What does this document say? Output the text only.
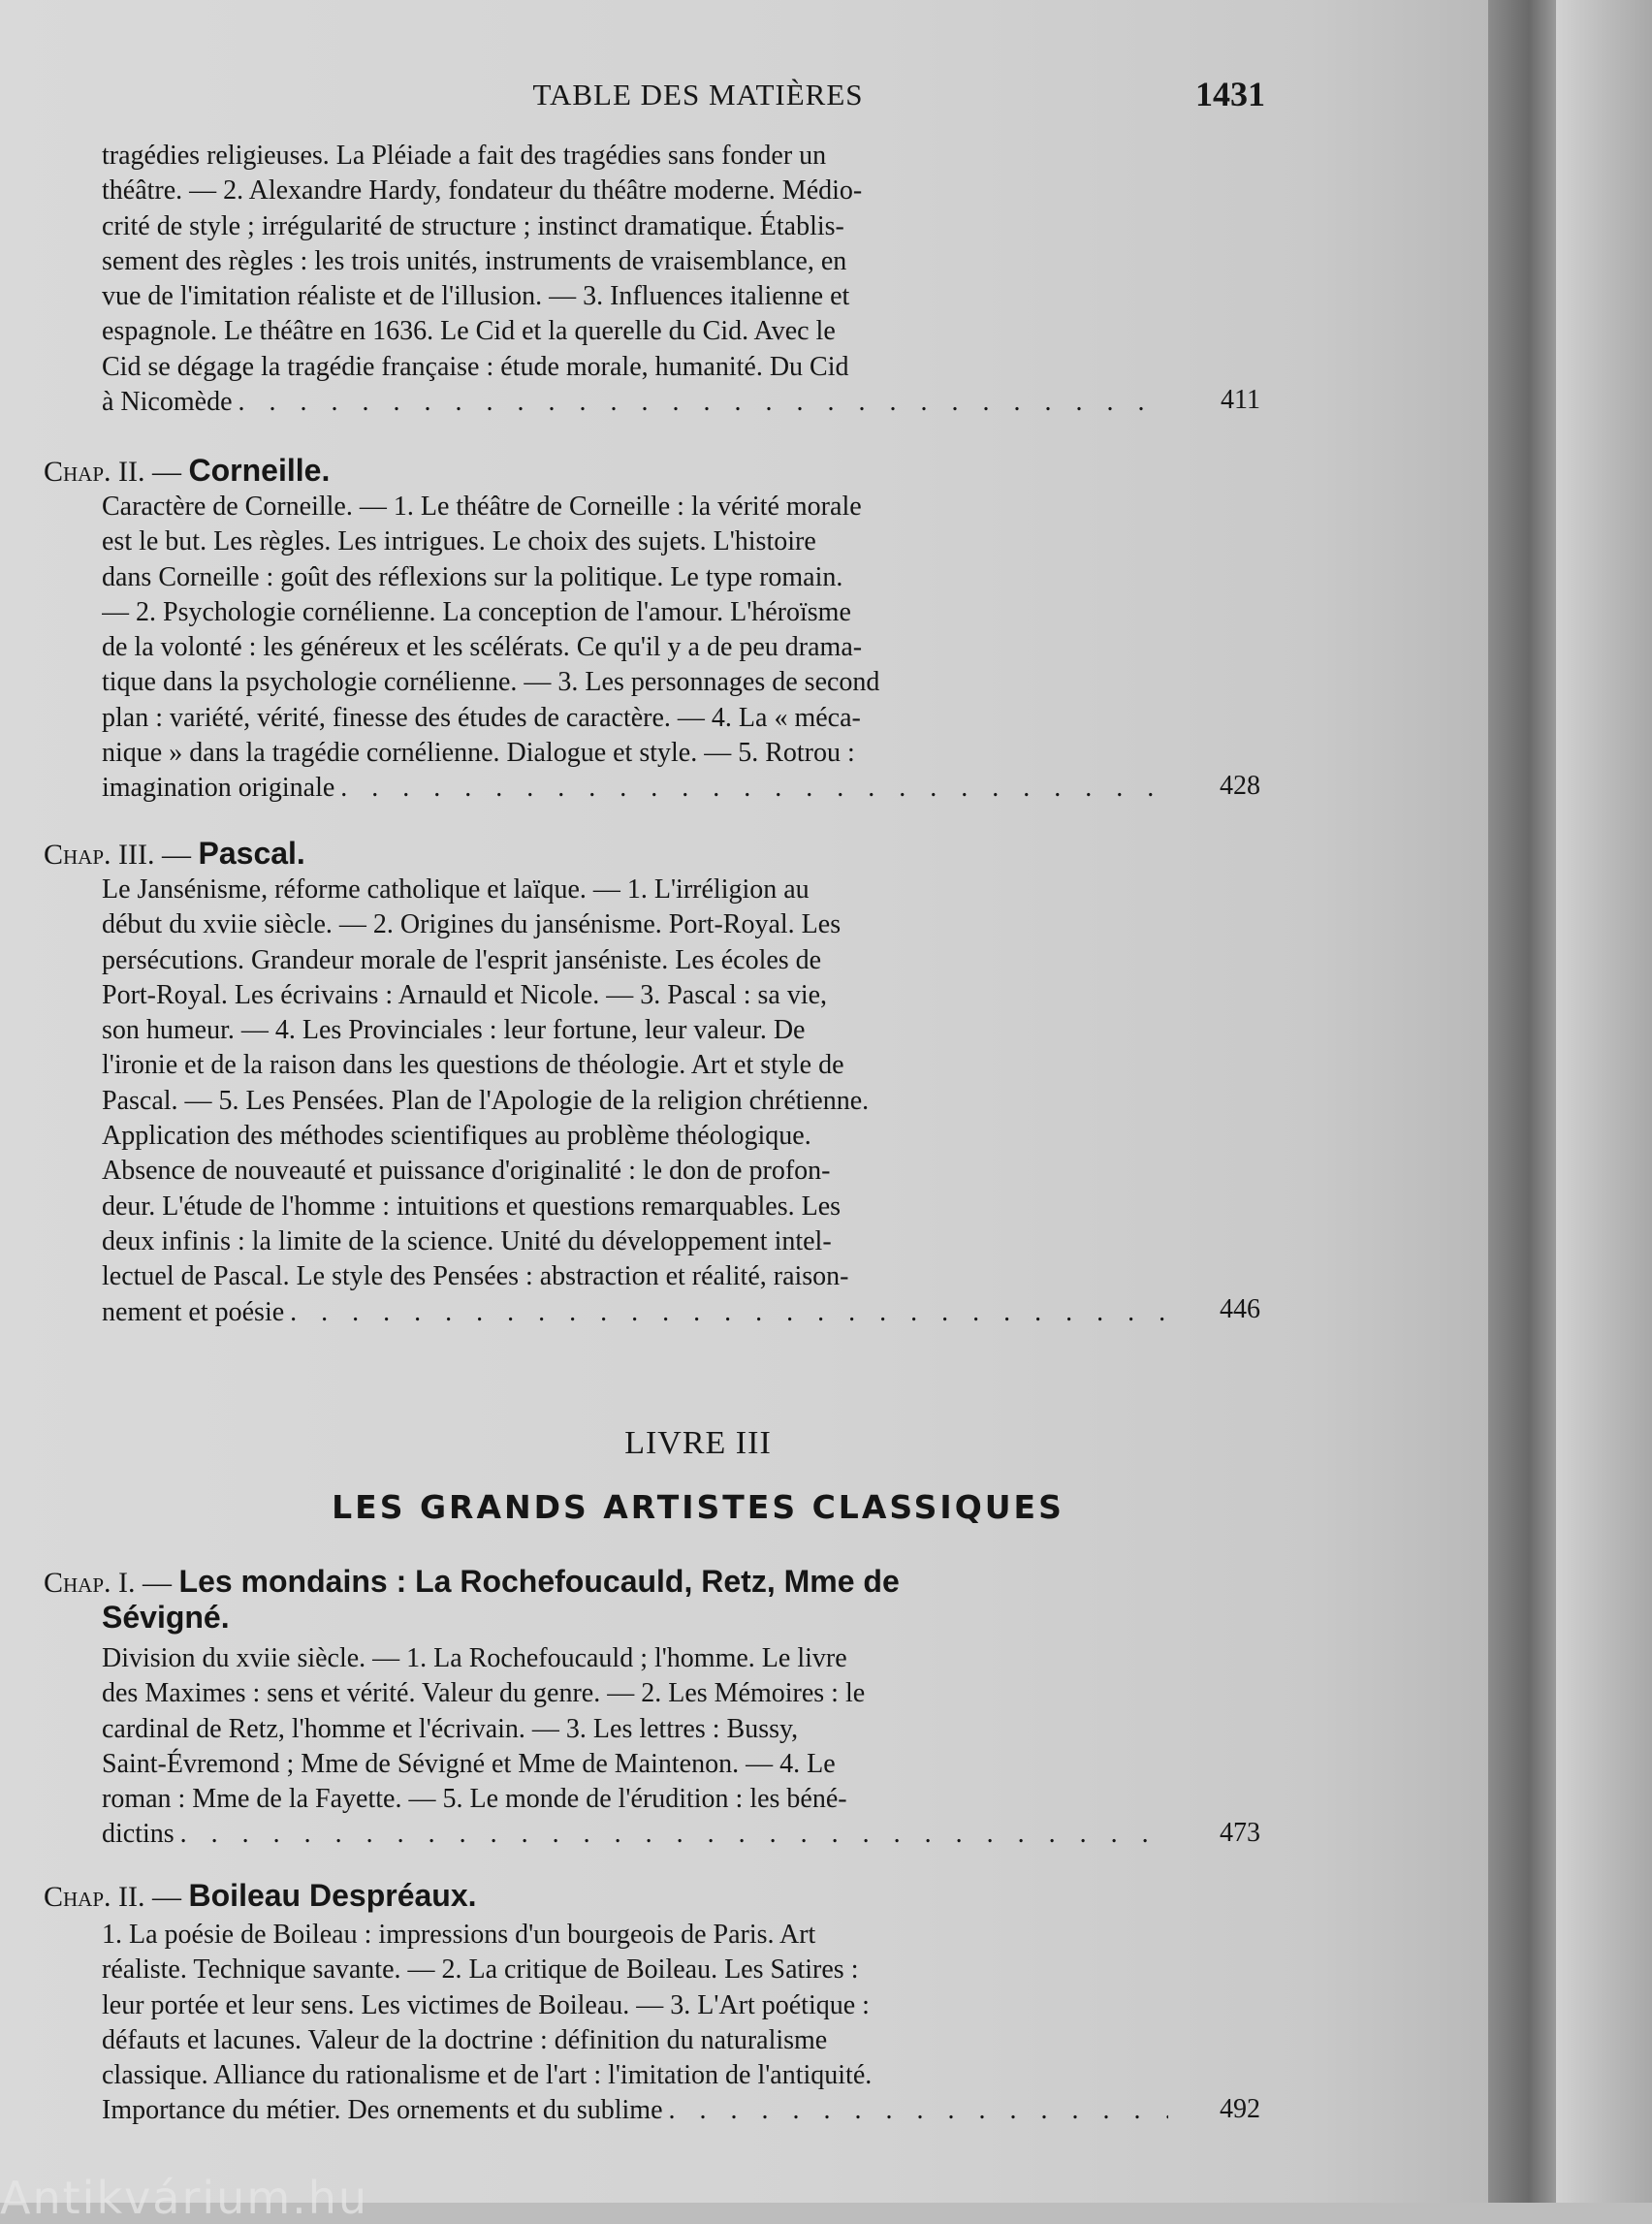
TABLE DES MATIÈRES	1431
tragédies religieuses. La Pléiade a fait des tragédies sans fonder un
théâtre. — 2. Alexandre Hardy, fondateur du théâtre moderne. Médio-
crité de style ; irrégularité de structure ; instinct dramatique. Établis-
sement des règles : les trois unités, instruments de vraisemblance, en
vue de l'imitation réaliste et de l'illusion. — 3. Influences italienne et
espagnole. Le théâtre en 1636. Le Cid et la querelle du Cid. Avec le
Cid se dégage la tragédie française : étude morale, humanité. Du Cid
à Nicomède . . .	411
Chap. II. — Corneille.
Caractère de Corneille. — 1. Le théâtre de Corneille : la vérité morale
est le but. Les règles. Les intrigues. Le choix des sujets. L'histoire
dans Corneille : goût des réflexions sur la politique. Le type romain.
— 2. Psychologie cornélienne. La conception de l'amour. L'héroïsme
de la volonté : les généreux et les scélérats. Ce qu'il y a de peu drama-
tique dans la psychologie cornélienne. — 3. Les personnages de second
plan : variété, vérité, finesse des études de caractère. — 4. La « méca-
nique » dans la tragédie cornélienne. Dialogue et style. — 5. Rotrou :
imagination originale . . .	428
Chap. III. — Pascal.
Le Jansénisme, réforme catholique et laïque. — 1. L'irréligion au
début du xviie siècle. — 2. Origines du jansénisme. Port-Royal. Les
persécutions. Grandeur morale de l'esprit janséniste. Les écoles de
Port-Royal. Les écrivains : Arnauld et Nicole. — 3. Pascal : sa vie,
son humeur. — 4. Les Provinciales : leur fortune, leur valeur. De
l'ironie et de la raison dans les questions de théologie. Art et style de
Pascal. — 5. Les Pensées. Plan de l'Apologie de la religion chrétienne.
Application des méthodes scientifiques au problème théologique.
Absence de nouveauté et puissance d'originalité : le don de profon-
deur. L'étude de l'homme : intuitions et questions remarquables. Les
deux infinis : la limite de la science. Unité du développement intel-
lectuel de Pascal. Le style des Pensées : abstraction et réalité, raison-
nement et poésie . . .	446
LIVRE III
LES GRANDS ARTISTES CLASSIQUES
Chap. I. — Les mondains : La Rochefoucauld, Retz, Mme de
Sévigné.
Division du xviie siècle. — 1. La Rochefoucauld ; l'homme. Le livre
des Maximes : sens et vérité. Valeur du genre. — 2. Les Mémoires : le
cardinal de Retz, l'homme et l'écrivain. — 3. Les lettres : Bussy,
Saint-Évremond ; Mme de Sévigné et Mme de Maintenon. — 4. Le
roman : Mme de la Fayette. — 5. Le monde de l'érudition : les béné-
dictins . . .	473
Chap. II. — Boileau Despréaux.
1. La poésie de Boileau : impressions d'un bourgeois de Paris. Art
réaliste. Technique savante. — 2. La critique de Boileau. Les Satires :
leur portée et leur sens. Les victimes de Boileau. — 3. L'Art poétique :
défauts et lacunes. Valeur de la doctrine : définition du naturalisme
classique. Alliance du rationalisme et de l'art : l'imitation de l'antiquité.
Importance du métier. Des ornements et du sublime . . .	492
Antikvárium.hu
